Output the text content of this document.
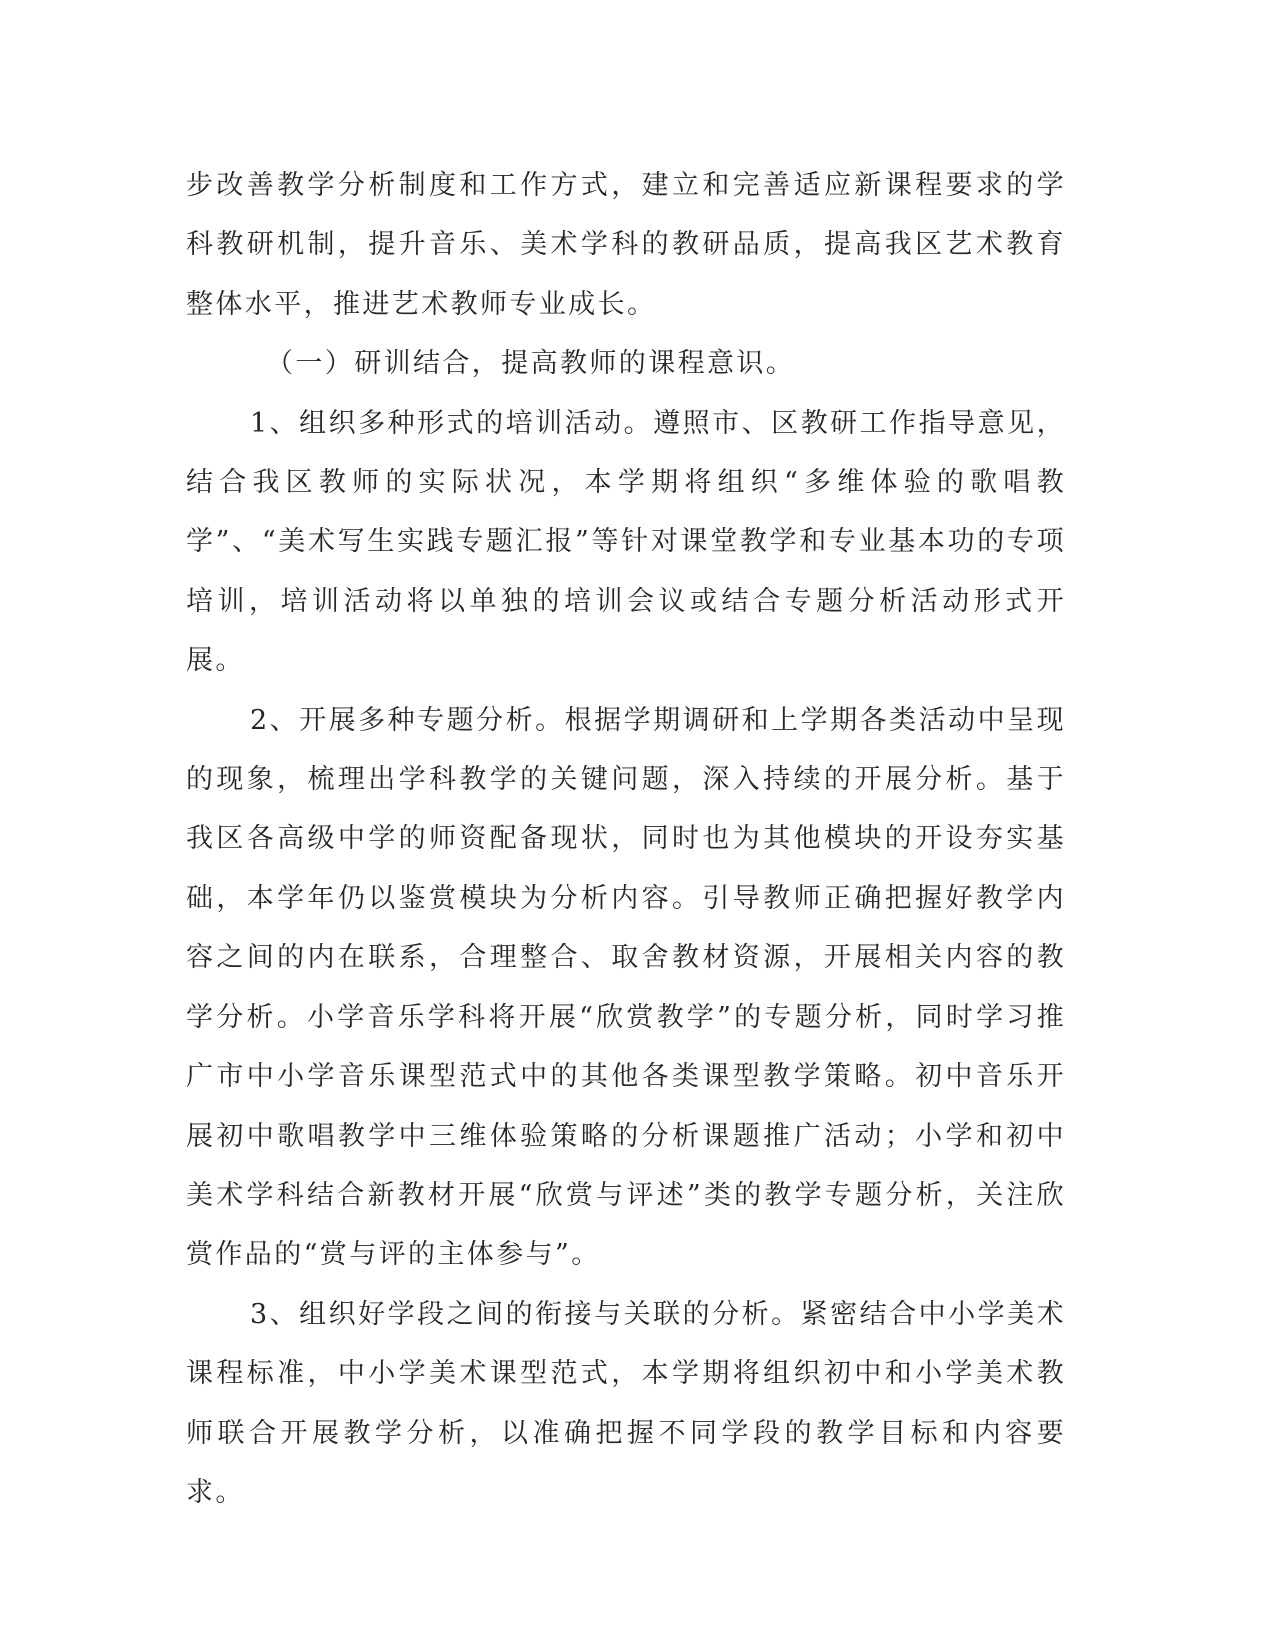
步改善教学分析制度和工作方式，建立和完善适应新课程要求的学科教研机制，提升音乐、美术学科的教研品质，提高我区艺术教育整体水平，推进艺术教师专业成长。

（一）研训结合，提高教师的课程意识。

1、组织多种形式的培训活动。遵照市、区教研工作指导意见，结合我区教师的实际状况，本学期将组织“多维体验的歌唱教学”、“美术写生实践专题汇报”等针对课堂教学和专业基本功的专项培训，培训活动将以单独的培训会议或结合专题分析活动形式开展。

2、开展多种专题分析。根据学期调研和上学期各类活动中呈现的现象，梳理出学科教学的关键问题，深入持续的开展分析。基于我区各高级中学的师资配备现状，同时也为其他模块的开设夯实基础，本学年仍以鉴赏模块为分析内容。引导教师正确把握好教学内容之间的内在联系，合理整合、取舍教材资源，开展相关内容的教学分析。小学音乐学科将开展“欣赏教学”的专题分析，同时学习推广市中小学音乐课型范式中的其他各类课型教学策略。初中音乐开展初中歌唱教学中三维体验策略的分析课题推广活动；小学和初中美术学科结合新教材开展“欣赏与评述”类的教学专题分析，关注欣赏作品的“赏与评的主体参与”。

3、组织好学段之间的衔接与关联的分析。紧密结合中小学美术课程标准，中小学美术课型范式，本学期将组织初中和小学美术教师联合开展教学分析，以准确把握不同学段的教学目标和内容要求。
